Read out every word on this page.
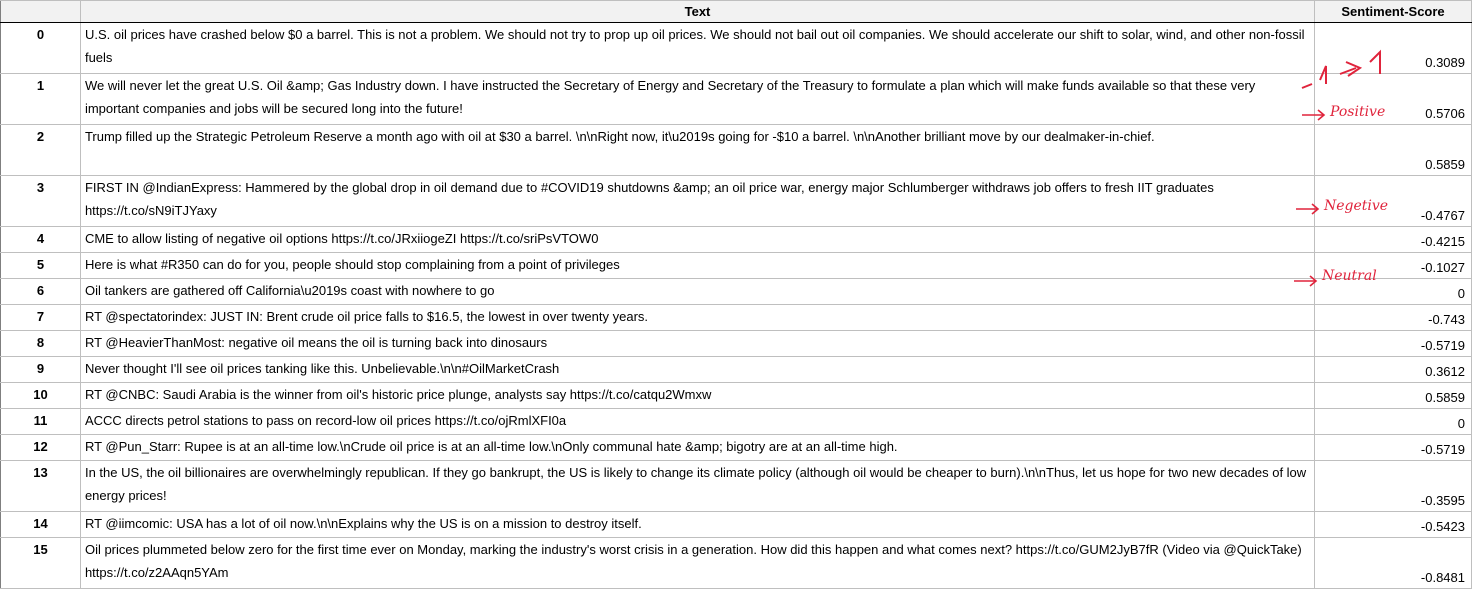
	Text	Sentiment-Score
0	U.S. oil prices have crashed below $0 a barrel. This is not a problem. We should not try to prop up oil prices. We should not bail out oil companies. We should accelerate our shift to solar, wind, and other non-fossil fuels	0.3089
1	We will never let the great U.S. Oil &amp; Gas Industry down. I have instructed the Secretary of Energy and Secretary of the Treasury to formulate a plan which will make funds available so that these very important companies and jobs will be secured long into the future!	0.5706
2	Trump filled up the Strategic Petroleum Reserve a month ago with oil at $30 a barrel. \n\nRight now, it\u2019s going for -$10 a barrel. \n\nAnother brilliant move by our dealmaker-in-chief.	0.5859
3	FIRST IN @IndianExpress: Hammered by the global drop in oil demand due to #COVID19 shutdowns &amp; an oil price war, energy major Schlumberger withdraws job offers to fresh IIT graduates https://t.co/sN9iTJYaxy	-0.4767
4	CME to allow listing of negative oil options https://t.co/JRxiiogeZI https://t.co/sriPsVTOW0	-0.4215
5	Here is what #R350 can do for you, people should stop complaining from a point of privileges	-0.1027
6	Oil tankers are gathered off California\u2019s coast with nowhere to go	0
7	RT @spectatorindex: JUST IN: Brent crude oil price falls to $16.5, the lowest in over twenty years.	-0.743
8	RT @HeavierThanMost: negative oil means the oil is turning back into dinosaurs	-0.5719
9	Never thought I'll see oil prices tanking like this. Unbelievable.\n\n#OilMarketCrash	0.3612
10	RT @CNBC: Saudi Arabia is the winner from oil's historic price plunge, analysts say https://t.co/catqu2Wmxw	0.5859
11	ACCC directs petrol stations to pass on record-low oil prices https://t.co/ojRmlXFI0a	0
12	RT @Pun_Starr: Rupee is at an all-time low.\nCrude oil price is at an all-time low.\nOnly communal hate &amp; bigotry are at an all-time high.	-0.5719
13	In the US, the oil billionaires are overwhelmingly republican. If they go bankrupt, the US is likely to change its climate policy (although oil would be cheaper to burn).\n\nThus, let us hope for two new decades of low energy prices!	-0.3595
14	RT @iimcomic: USA has a lot of oil now.\n\nExplains why the US is on a mission to destroy itself.	-0.5423
15	Oil prices plummeted below zero for the first time ever on Monday, marking the industry's worst crisis in a generation. How did this happen and what comes next? https://t.co/GUM2JyB7fR (Video via @QuickTake) https://t.co/z2AAqn5YAm	-0.8481
Positive
Negetive
Neutral
